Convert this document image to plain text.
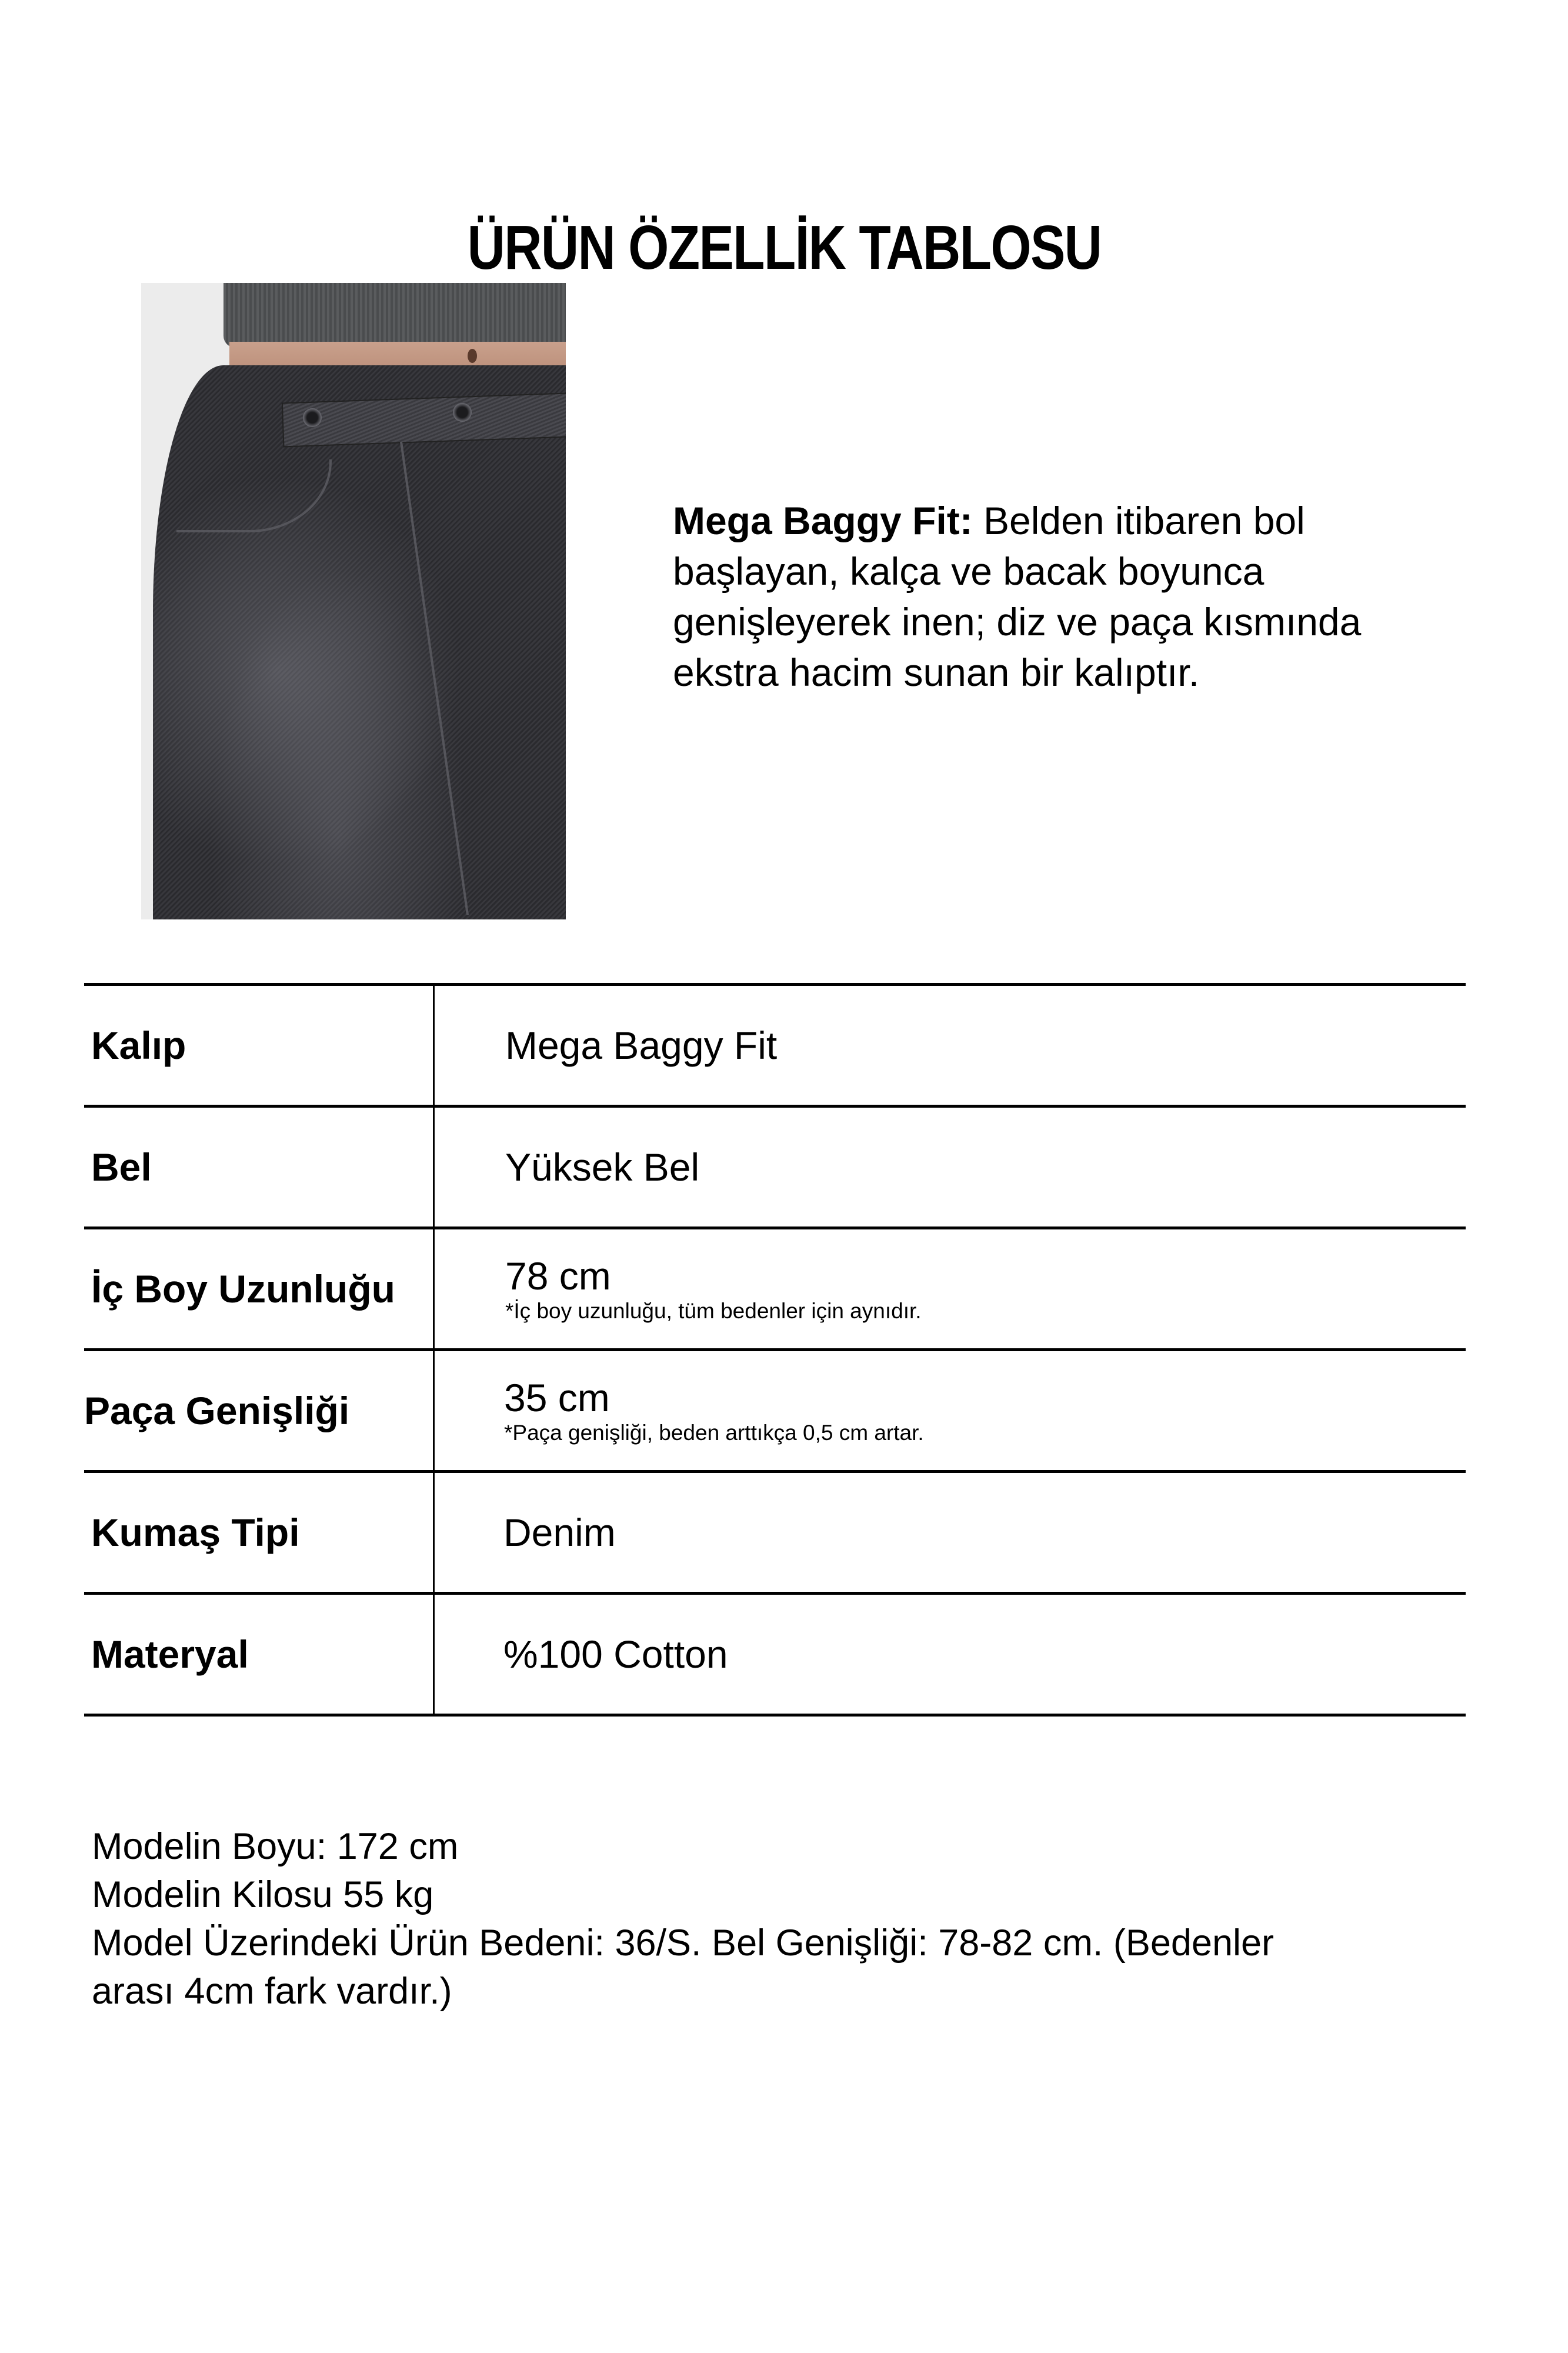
ÜRÜN ÖZELLİK TABLOSU
Mega Baggy Fit: Belden itibaren bol
başlayan, kalça ve bacak boyunca
genişleyerek inen; diz ve paça kısmında
ekstra hacim sunan bir kalıptır.
Kalıp	Mega Baggy Fit
Bel	Yüksek Bel
İç Boy Uzunluğu	78 cm
*İç boy uzunluğu, tüm bedenler için aynıdır.
Paça Genişliği	35 cm
*Paça genişliği, beden arttıkça 0,5 cm artar.
Kumaş Tipi	Denim
Materyal	%100 Cotton
Modelin Boyu: 172 cm
Modelin Kilosu 55 kg
Model Üzerindeki Ürün Bedeni: 36/S. Bel Genişliği: 78-82 cm. (Bedenler
arası 4cm fark vardır.)
